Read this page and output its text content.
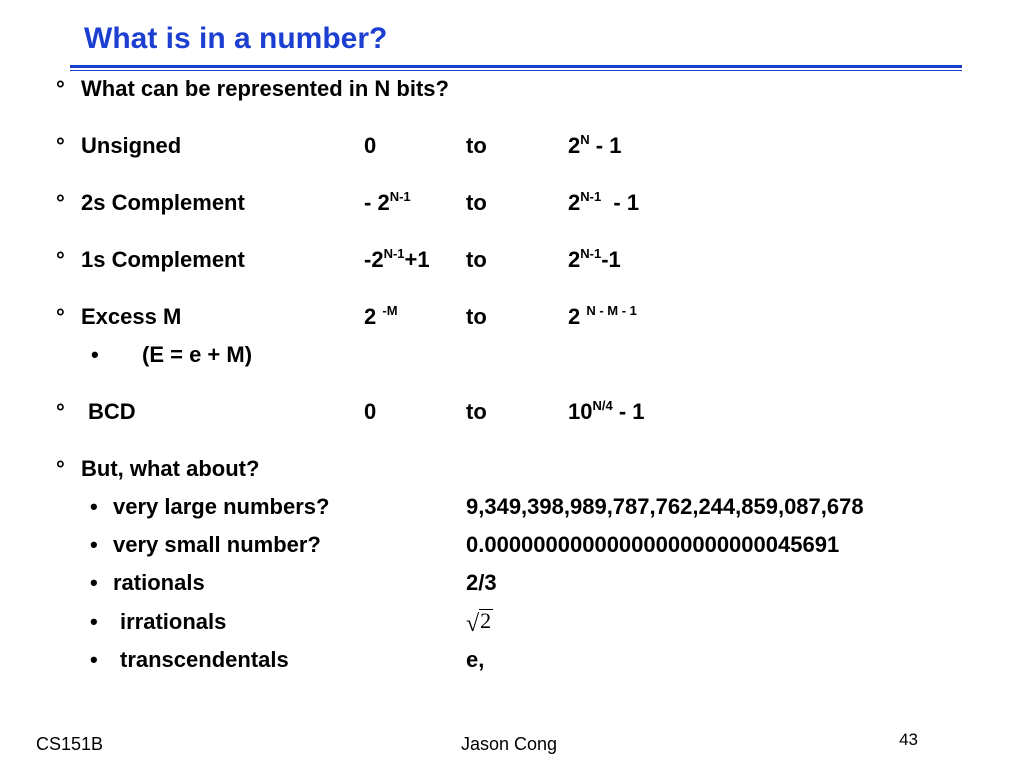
What is in a number?
° What can be represented in N bits?
° Unsigned	0	to	$2^N - 1$
° 2s Complement	- $2^{N-1}$	to	$2^{N-1} - 1$
° 1s Complement	$-2^{N-1}+1$ to	$2^{N-1}-1$
° Excess M	2 $^{-M}$	to	2 $^{N - M - 1}$
• (E = e + M)
° BCD	0	to	$10^{N/4} - 1$
° But, what about?
• very large numbers?	9,349,398,989,787,762,244,859,087,678
• very small number?	0.00000000000000000000000045691
• rationals	2/3
• irrationals	√ 2
• transcendentals	e,
CS151B	Jason Cong	43
